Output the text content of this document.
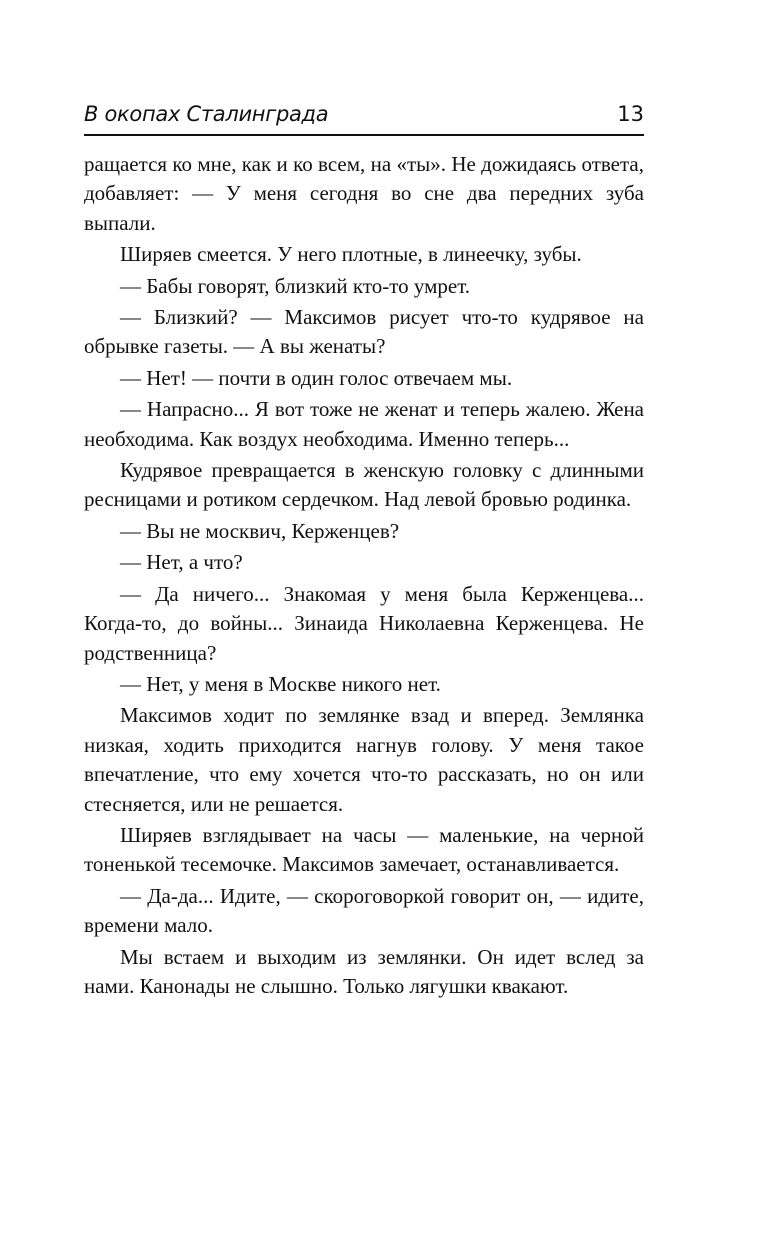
В окопах Сталинграда	13

ращается ко мне, как и ко всем, на «ты». Не дожидаясь ответа, добавляет: — У меня сегодня во сне два передних зуба выпали.

Ширяев смеется. У него плотные, в линеечку, зубы.

— Бабы говорят, близкий кто-то умрет.

— Близкий? — Максимов рисует что-то кудрявое на обрывке газеты. — А вы женаты?

— Нет! — почти в один голос отвечаем мы.

— Напрасно... Я вот тоже не женат и теперь жалею. Жена необходима. Как воздух необходима. Именно теперь...

Кудрявое превращается в женскую головку с длинными ресницами и ротиком сердечком. Над левой бровью родинка.

— Вы не москвич, Керженцев?

— Нет, а что?

— Да ничего... Знакомая у меня была Керженцева... Когда-то, до войны... Зинаида Николаевна Керженцева. Не родственница?

— Нет, у меня в Москве никого нет.

Максимов ходит по землянке взад и вперед. Землянка низкая, ходить приходится нагнув голову. У меня такое впечатление, что ему хочется что-то рассказать, но он или стесняется, или не решается.

Ширяев взглядывает на часы — маленькие, на черной тоненькой тесемочке. Максимов замечает, останавливается.

— Да-да... Идите, — скороговоркой говорит он, — идите, времени мало.

Мы встаем и выходим из землянки. Он идет вслед за нами. Канонады не слышно. Только лягушки квакают.
